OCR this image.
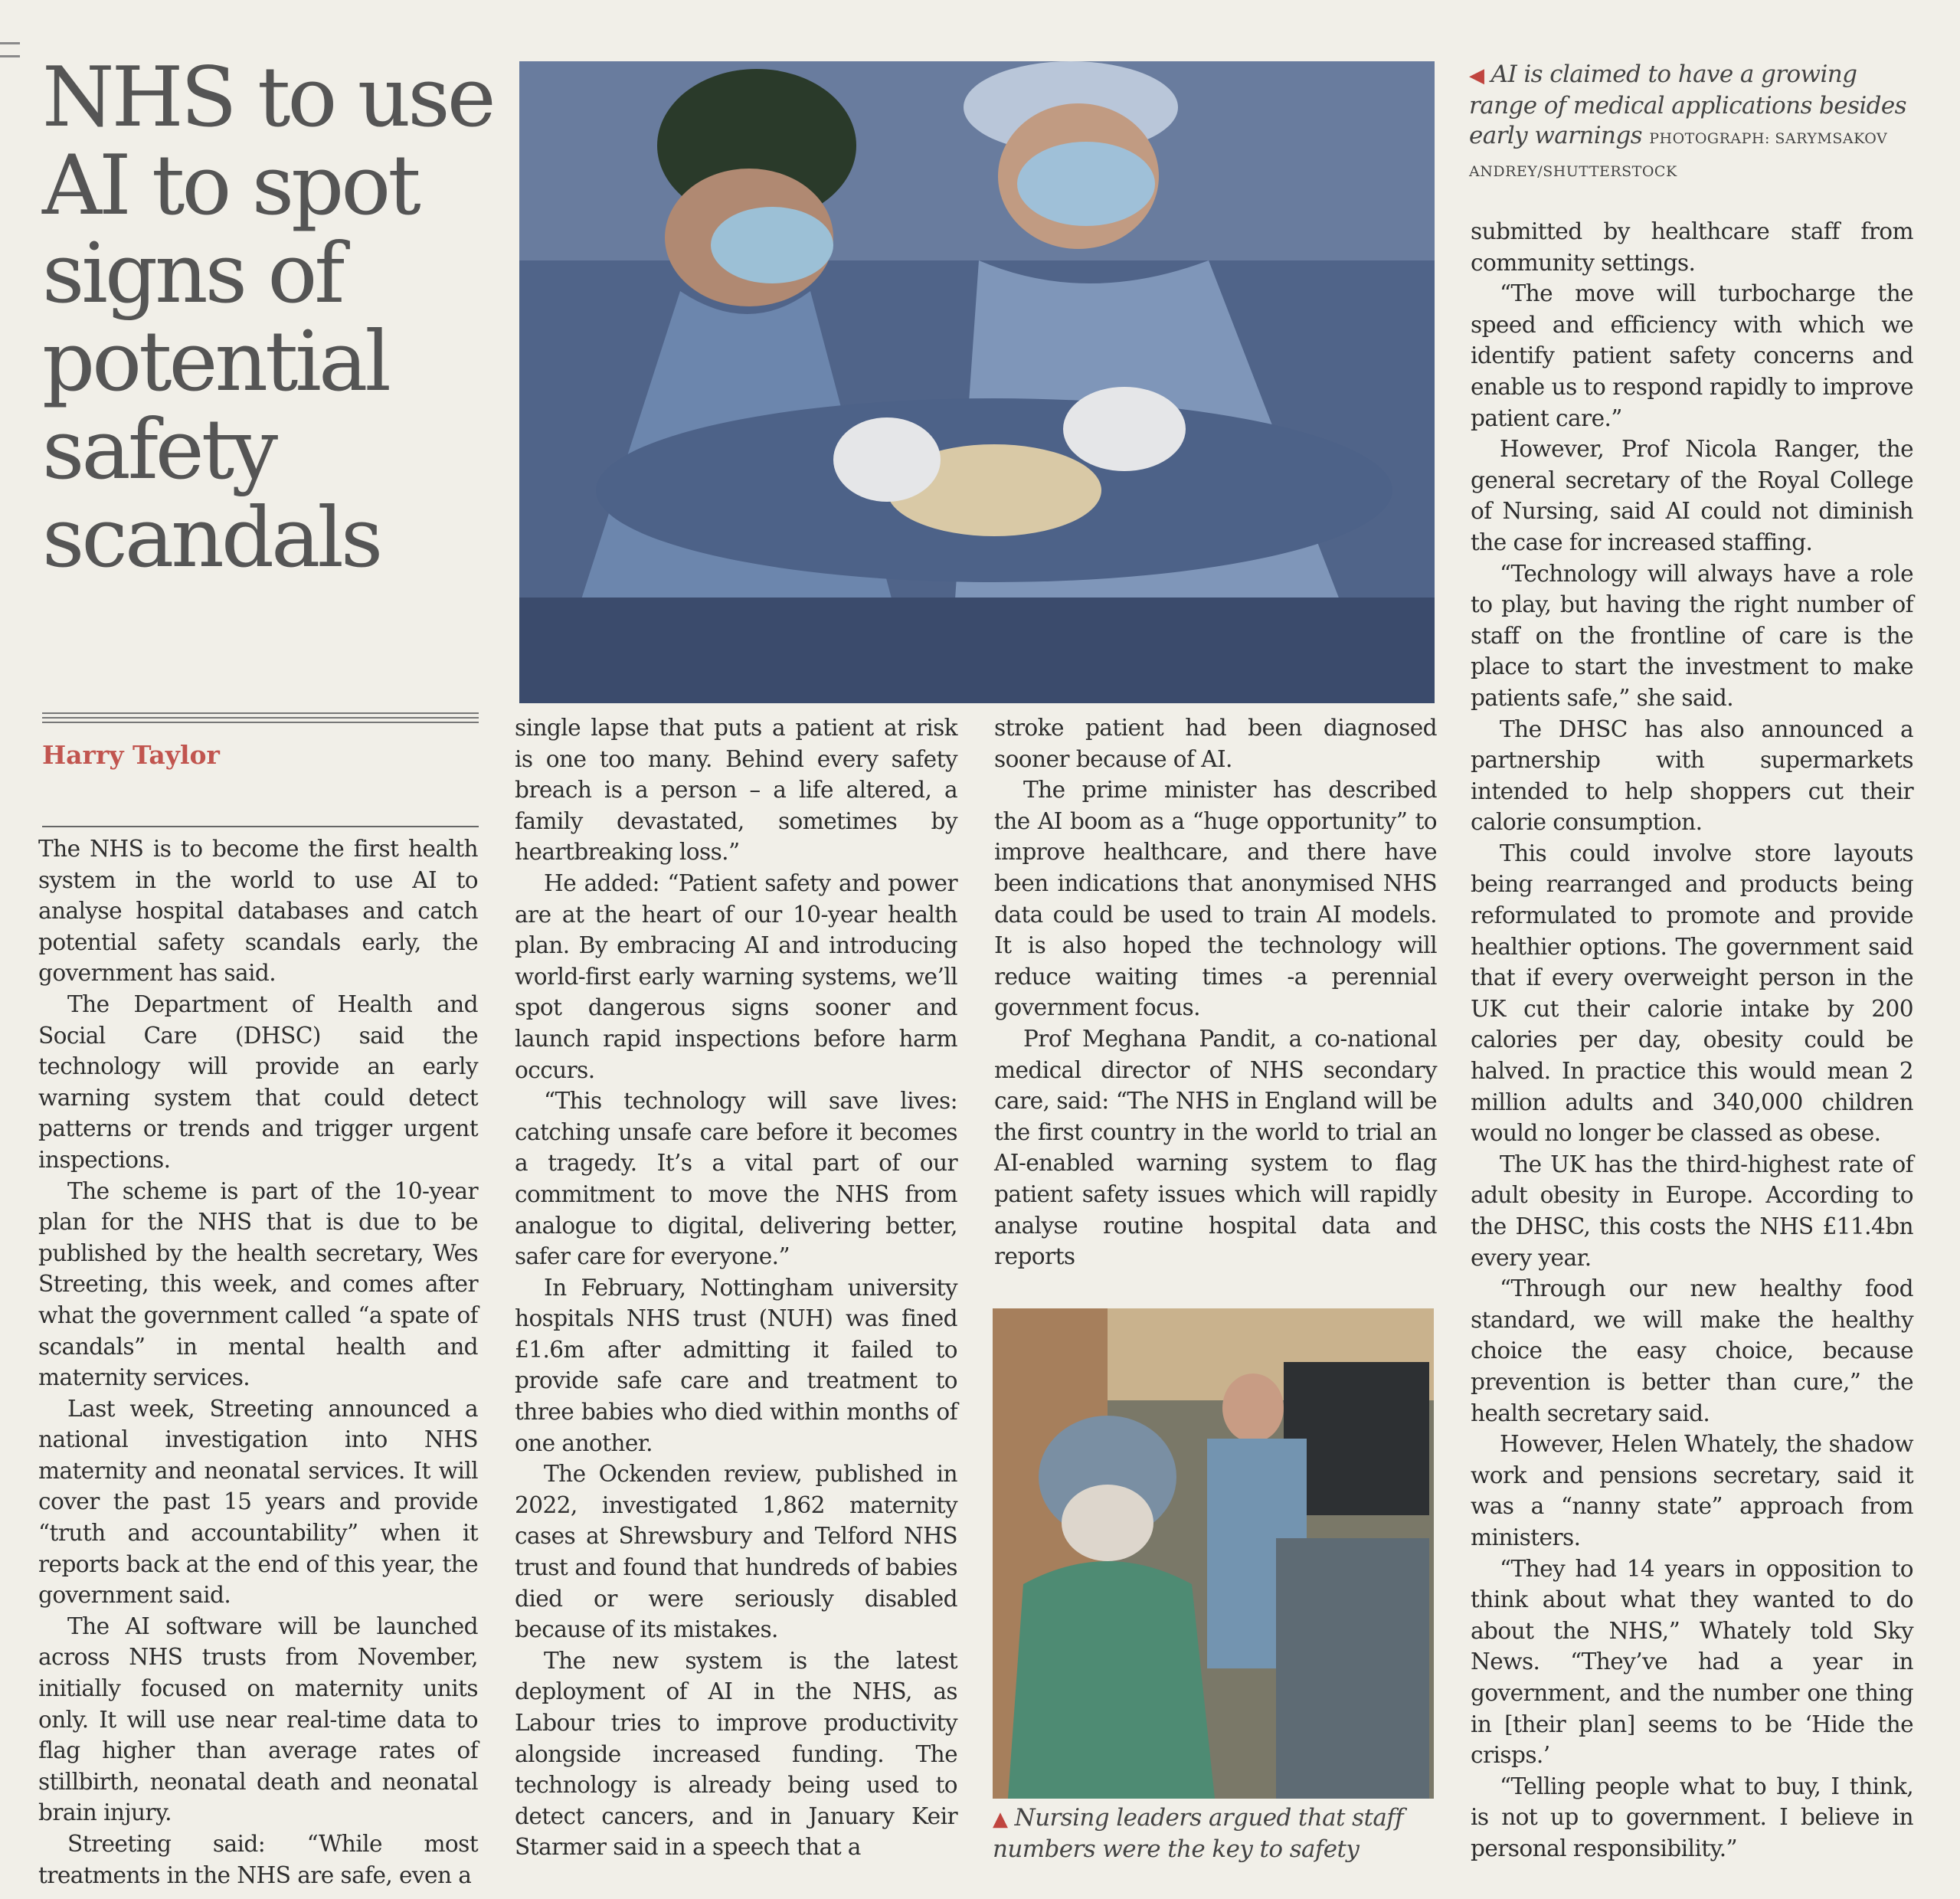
NHS to use AI to spot signs of potential safety scandals
Harry Taylor
◀ AI is claimed to have a growing range of medical applications besides early warnings PHOTOGRAPH: SARYMSAKOV ANDREY/SHUTTERSTOCK

The NHS is to become the first health system in the world to use AI to analyse hospital databases and catch potential safety scandals early, the government has said.

The Department of Health and Social Care (DHSC) said the technology will provide an early warning system that could detect patterns or trends and trigger urgent inspections.

The scheme is part of the 10-year plan for the NHS that is due to be published by the health secretary, Wes Streeting, this week, and comes after what the government called “a spate of scandals” in mental health and maternity services.

Last week, Streeting announced a national investigation into NHS maternity and neonatal services. It will cover the past 15 years and provide “truth and accountability” when it reports back at the end of this year, the government said.

The AI software will be launched across NHS trusts from November, initially focused on maternity units only. It will use near real-time data to flag higher than average rates of stillbirth, neonatal death and neonatal brain injury.

Streeting said: “While most treatments in the NHS are safe, even a

single lapse that puts a patient at risk is one too many. Behind every safety breach is a person – a life altered, a family devastated, sometimes by heartbreaking loss.”

He added: “Patient safety and power are at the heart of our 10-year health plan. By embracing AI and introducing world-first early warning systems, we’ll spot dangerous signs sooner and launch rapid inspections before harm occurs.

“This technology will save lives: catching unsafe care before it becomes a tragedy. It’s a vital part of our commitment to move the NHS from analogue to digital, delivering better, safer care for everyone.”

In February, Nottingham university hospitals NHS trust (NUH) was fined £1.6m after admitting it failed to provide safe care and treatment to three babies who died within months of one another.

The Ockenden review, published in 2022, investigated 1,862 maternity cases at Shrewsbury and Telford NHS trust and found that hundreds of babies died or were seriously disabled because of its mistakes.

The new system is the latest deployment of AI in the NHS, as Labour tries to improve productivity alongside increased funding. The technology is already being used to detect cancers, and in January Keir Starmer said in a speech that a

stroke patient had been diagnosed sooner because of AI.

The prime minister has described the AI boom as a “huge opportunity” to improve healthcare, and there have been indications that anonymised NHS data could be used to train AI models. It is also hoped the technology will reduce waiting times -a perennial government focus.

Prof Meghana Pandit, a co-national medical director of NHS secondary care, said: “The NHS in England will be the first country in the world to trial an AI-enabled warning system to flag patient safety issues which will rapidly analyse routine hospital data and reports

▲ Nursing leaders argued that staff numbers were the key to safety

submitted by healthcare staff from community settings.

“The move will turbocharge the speed and efficiency with which we identify patient safety concerns and enable us to respond rapidly to improve patient care.”

However, Prof Nicola Ranger, the general secretary of the Royal College of Nursing, said AI could not diminish the case for increased staffing.

“Technology will always have a role to play, but having the right number of staff on the frontline of care is the place to start the investment to make patients safe,” she said.

The DHSC has also announced a partnership with supermarkets intended to help shoppers cut their calorie consumption.

This could involve store layouts being rearranged and products being reformulated to promote and provide healthier options. The government said that if every overweight person in the UK cut their calorie intake by 200 calories per day, obesity could be halved. In practice this would mean 2 million adults and 340,000 children would no longer be classed as obese.

The UK has the third-highest rate of adult obesity in Europe. According to the DHSC, this costs the NHS £11.4bn every year.

“Through our new healthy food standard, we will make the healthy choice the easy choice, because prevention is better than cure,” the health secretary said.

However, Helen Whately, the shadow work and pensions secretary, said it was a “nanny state” approach from ministers.

“They had 14 years in opposition to think about what they wanted to do about the NHS,” Whately told Sky News. “They’ve had a year in government, and the number one thing in [their plan] seems to be ‘Hide the crisps.’

“Telling people what to buy, I think, is not up to government. I believe in personal responsibility.”
